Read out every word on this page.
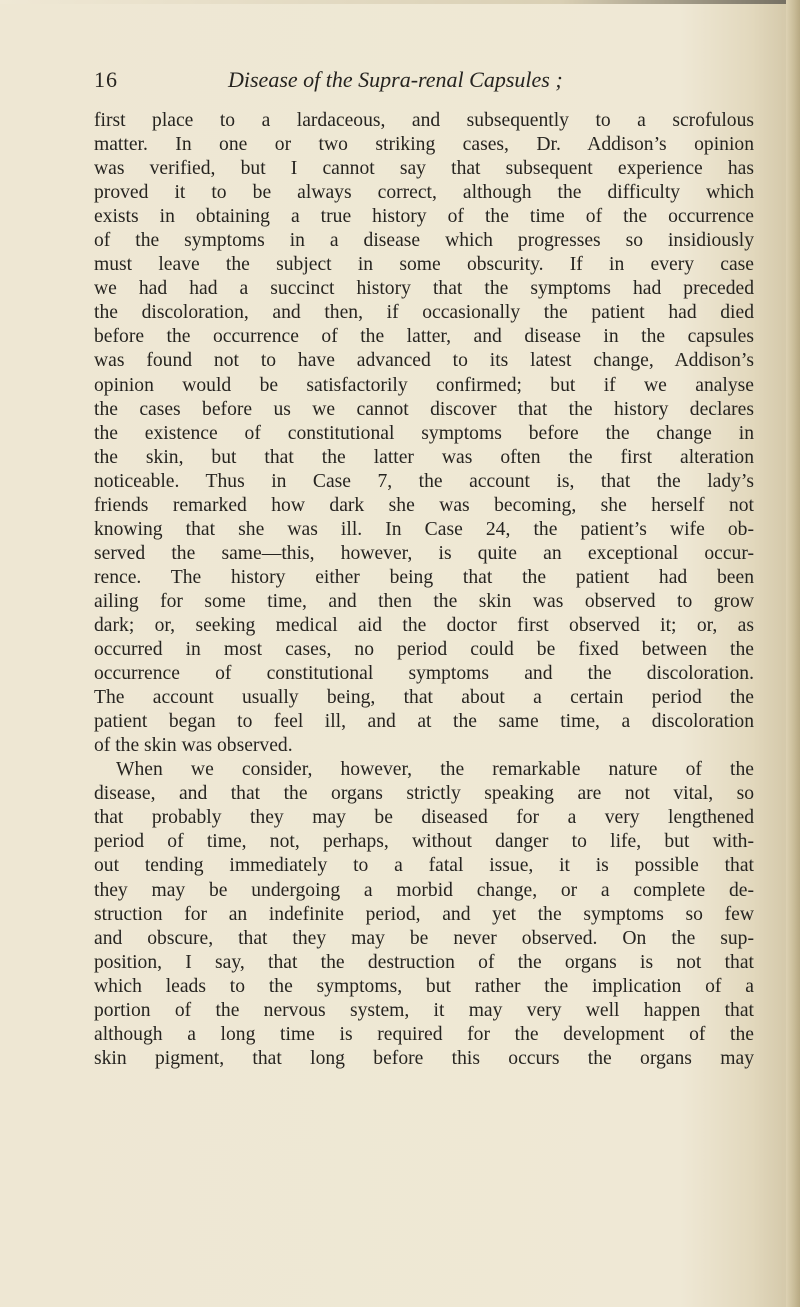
16	Disease of the Supra-renal Capsules ;
first place to a lardaceous, and subsequently to a scrofulous
matter. In one or two striking cases, Dr. Addison’s opinion
was verified, but I cannot say that subsequent experience has
proved it to be always correct, although the difficulty which
exists in obtaining a true history of the time of the occurrence
of the symptoms in a disease which progresses so insidiously
must leave the subject in some obscurity. If in every case
we had had a succinct history that the symptoms had preceded
the discoloration, and then, if occasionally the patient had died
before the occurrence of the latter, and disease in the capsules
was found not to have advanced to its latest change, Addison’s
opinion would be satisfactorily confirmed; but if we analyse
the cases before us we cannot discover that the history declares
the existence of constitutional symptoms before the change in
the skin, but that the latter was often the first alteration
noticeable. Thus in Case 7, the account is, that the lady’s
friends remarked how dark she was becoming, she herself not
knowing that she was ill. In Case 24, the patient’s wife ob-
served the same—this, however, is quite an exceptional occur-
rence. The history either being that the patient had been
ailing for some time, and then the skin was observed to grow
dark; or, seeking medical aid the doctor first observed it; or, as
occurred in most cases, no period could be fixed between the
occurrence of constitutional symptoms and the discoloration.
The account usually being, that about a certain period the
patient began to feel ill, and at the same time, a discoloration
of the skin was observed.
When we consider, however, the remarkable nature of the
disease, and that the organs strictly speaking are not vital, so
that probably they may be diseased for a very lengthened
period of time, not, perhaps, without danger to life, but with-
out tending immediately to a fatal issue, it is possible that
they may be undergoing a morbid change, or a complete de-
struction for an indefinite period, and yet the symptoms so few
and obscure, that they may be never observed. On the sup-
position, I say, that the destruction of the organs is not that
which leads to the symptoms, but rather the implication of a
portion of the nervous system, it may very well happen that
although a long time is required for the development of the
skin pigment, that long before this occurs the organs may
